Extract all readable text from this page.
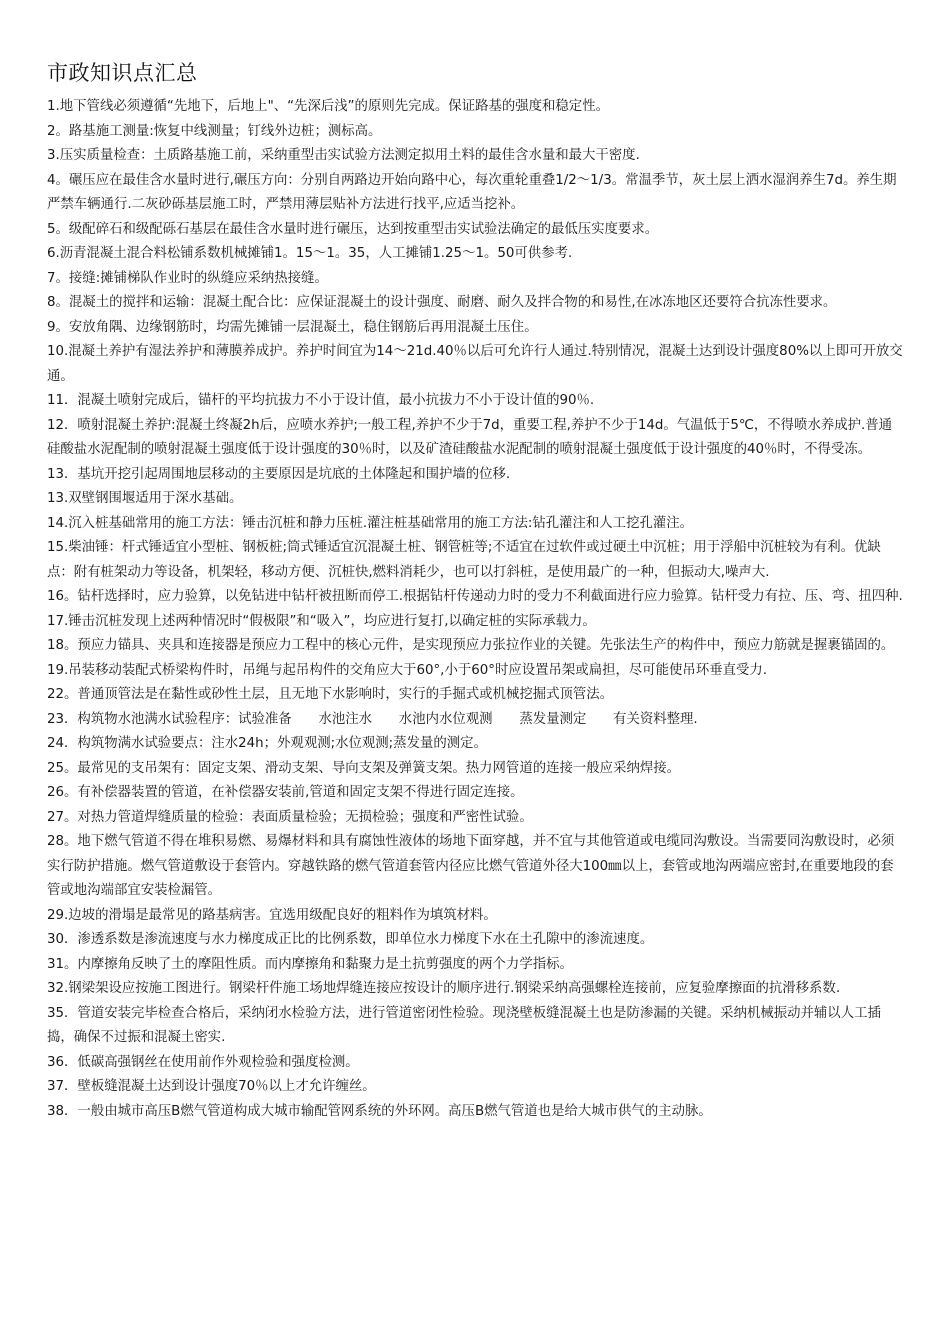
市政知识点汇总

1.地下管线必须遵循“先地下，后地上"、“先深后浅”的原则先完成。保证路基的强度和稳定性。

2。路基施工测量:恢复中线测量；钉线外边桩；测标高。

3.压实质量检查：土质路基施工前，采纳重型击实试验方法测定拟用土料的最佳含水量和最大干密度.

4。碾压应在最佳含水量时进行,碾压方向：分别自两路边开始向路中心，每次重轮重叠1/2～1/3。常温季节，灰土层上洒水湿润养生7d。养生期严禁车辆通行.二灰砂砾基层施工时，严禁用薄层贴补方法进行找平,应适当挖补。

5。级配碎石和级配砾石基层在最佳含水量时进行碾压，达到按重型击实试验法确定的最低压实度要求。

6.沥青混凝土混合料松铺系数机械摊铺1。15～1。35，人工摊铺1.25～1。50可供参考.

7。接缝:摊铺梯队作业时的纵缝应采纳热接缝。

8。混凝土的搅拌和运输：混凝土配合比：应保证混凝土的设计强度、耐磨、耐久及拌合物的和易性,在冰冻地区还要符合抗冻性要求。

9。安放角隅、边缘钢筋时，均需先摊铺一层混凝土，稳住钢筋后再用混凝土压住。

10.混凝土养护有湿法养护和薄膜养成护。养护时间宜为14～21d.40％以后可允许行人通过.特别情况，混凝土达到设计强度80%以上即可开放交通。

11．混凝土喷射完成后，锚杆的平均抗拔力不小于设计值，最小抗拔力不小于设计值的90％.

12．喷射混凝土养护:混凝土终凝2h后，应喷水养护;一般工程,养护不少于7d，重要工程,养护不少于14d。气温低于5℃，不得喷水养成护.普通硅酸盐水泥配制的喷射混凝土强度低于设计强度的30％时，以及矿渣硅酸盐水泥配制的喷射混凝土强度低于设计强度的40％时，不得受冻。

13．基坑开挖引起周围地层移动的主要原因是坑底的土体隆起和围护墙的位移.

13.双壁钢围堰适用于深水基础。

14.沉入桩基础常用的施工方法：锤击沉桩和静力压桩.灌注桩基础常用的施工方法:钻孔灌注和人工挖孔灌注。

15.柴油锤：杆式锤适宜小型桩、钢板桩;筒式锤适宜沉混凝土桩、钢管桩等;不适宜在过软件或过硬土中沉桩；用于浮船中沉桩较为有利。优缺点：附有桩架动力等设备，机架轻，移动方便、沉桩快,燃料消耗少，也可以打斜桩，是使用最广的一种，但振动大,噪声大.

16。钻杆选择时，应力验算，以免钻进中钻杆被扭断而停工.根据钻杆传递动力时的受力不利截面进行应力验算。钻杆受力有拉、压、弯、扭四种.

17.锤击沉桩发现上述两种情况时“假极限”和“吸入”，均应进行复打,以确定桩的实际承载力。

18。预应力锚具、夹具和连接器是预应力工程中的核心元件，是实现预应力张拉作业的关键。先张法生产的构件中，预应力筋就是握裹锚固的。

19.吊装移动装配式桥梁构件时，吊绳与起吊构件的交角应大于60°,小于60°时应设置吊架或扁担，尽可能使吊环垂直受力.

22。普通顶管法是在黏性或砂性土层，且无地下水影响时，实行的手掘式或机械挖掘式顶管法。

23．构筑物水池满水试验程序：试验准备　　水池注水　　水池内水位观测　　蒸发量测定　　有关资料整理.

24．构筑物满水试验要点：注水24h；外观观测;水位观测;蒸发量的测定。

25。最常见的支吊架有：固定支架、滑动支架、导向支架及弹簧支架。热力网管道的连接一般应采纳焊接。

26。有补偿器装置的管道，在补偿器安装前,管道和固定支架不得进行固定连接。

27。对热力管道焊缝质量的检验：表面质量检验；无损检验；强度和严密性试验。

28。地下燃气管道不得在堆积易燃、易爆材料和具有腐蚀性液体的场地下面穿越，并不宜与其他管道或电缆同沟敷设。当需要同沟敷设时，必须实行防护措施。燃气管道敷设于套管内。穿越铁路的燃气管道套管内径应比燃气管道外径大100㎜以上，套管或地沟两端应密封,在重要地段的套管或地沟端部宜安装检漏管。

29.边坡的滑塌是最常见的路基病害。宜选用级配良好的粗料作为填筑材料。

30．渗透系数是渗流速度与水力梯度成正比的比例系数，即单位水力梯度下水在土孔隙中的渗流速度。

31。内摩擦角反映了土的摩阻性质。而内摩擦角和黏聚力是土抗剪强度的两个力学指标。

32.钢梁架设应按施工图进行。钢梁杆件施工场地焊缝连接应按设计的顺序进行.钢梁采纳高强螺栓连接前，应复验摩擦面的抗滑移系数.

35．管道安装完毕检查合格后，采纳闭水检验方法，进行管道密闭性检验。现浇壁板缝混凝土也是防渗漏的关键。采纳机械振动并辅以人工插捣，确保不过振和混凝土密实.

36．低碳高强钢丝在使用前作外观检验和强度检测。

37．壁板缝混凝土达到设计强度70％以上才允许缠丝。

38．一般由城市高压B燃气管道构成大城市输配管网系统的外环网。高压B燃气管道也是给大城市供气的主动脉。
